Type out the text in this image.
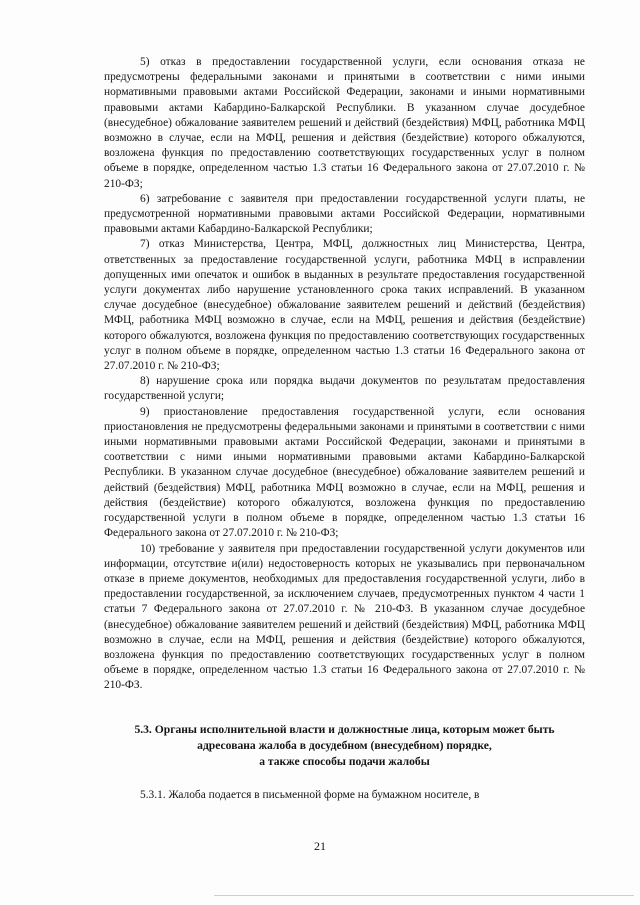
5) отказ в предоставлении государственной услуги, если основания отказа не предусмотрены федеральными законами и принятыми в соответствии с ними иными нормативными правовыми актами Российской Федерации, законами и иными нормативными правовыми актами Кабардино-Балкарской Республики. В указанном случае досудебное (внесудебное) обжалование заявителем решений и действий (бездействия) МФЦ, работника МФЦ возможно в случае, если на МФЦ, решения и действия (бездействие) которого обжалуются, возложена функция по предоставлению соответствующих государственных услуг в полном объеме в порядке, определенном частью 1.3 статьи 16 Федерального закона от 27.07.2010 г. № 210-ФЗ;

6) затребование с заявителя при предоставлении государственной услуги платы, не предусмотренной нормативными правовыми актами Российской Федерации, нормативными правовыми актами Кабардино-Балкарской Республики;

7) отказ Министерства, Центра, МФЦ, должностных лиц Министерства, Центра, ответственных за предоставление государственной услуги, работника МФЦ в исправлении допущенных ими опечаток и ошибок в выданных в результате предоставления государственной услуги документах либо нарушение установленного срока таких исправлений. В указанном случае досудебное (внесудебное) обжалование заявителем решений и действий (бездействия) МФЦ, работника МФЦ возможно в случае, если на МФЦ, решения и действия (бездействие) которого обжалуются, возложена функция по предоставлению соответствующих государственных услуг в полном объеме в порядке, определенном частью 1.3 статьи 16 Федерального закона от 27.07.2010 г. № 210-ФЗ;

8) нарушение срока или порядка выдачи документов по результатам предоставления государственной услуги;

9) приостановление предоставления государственной услуги, если основания приостановления не предусмотрены федеральными законами и принятыми в соответствии с ними иными нормативными правовыми актами Российской Федерации, законами и принятыми в соответствии с ними иными нормативными правовыми актами Кабардино-Балкарской Республики. В указанном случае досудебное (внесудебное) обжалование заявителем решений и действий (бездействия) МФЦ, работника МФЦ возможно в случае, если на МФЦ, решения и действия (бездействие) которого обжалуются, возложена функция по предоставлению государственной услуги в полном объеме в порядке, определенном частью 1.3 статьи 16 Федерального закона от 27.07.2010 г. № 210-ФЗ;

10) требование у заявителя при предоставлении государственной услуги документов или информации, отсутствие и(или) недостоверность которых не указывались при первоначальном отказе в приеме документов, необходимых для предоставления государственной услуги, либо в предоставлении государственной, за исключением случаев, предусмотренных пунктом 4 части 1 статьи 7 Федерального закона от 27.07.2010 г. № 210-ФЗ. В указанном случае досудебное (внесудебное) обжалование заявителем решений и действий (бездействия) МФЦ, работника МФЦ возможно в случае, если на МФЦ, решения и действия (бездействие) которого обжалуются, возложена функция по предоставлению соответствующих государственных услуг в полном объеме в порядке, определенном частью 1.3 статьи 16 Федерального закона от 27.07.2010 г. № 210-ФЗ.

5.3. Органы исполнительной власти и должностные лица, которым может быть
адресована жалоба в досудебном (внесудебном) порядке,
а также способы подачи жалобы

5.3.1. Жалоба подается в письменной форме на бумажном носителе, в

21
